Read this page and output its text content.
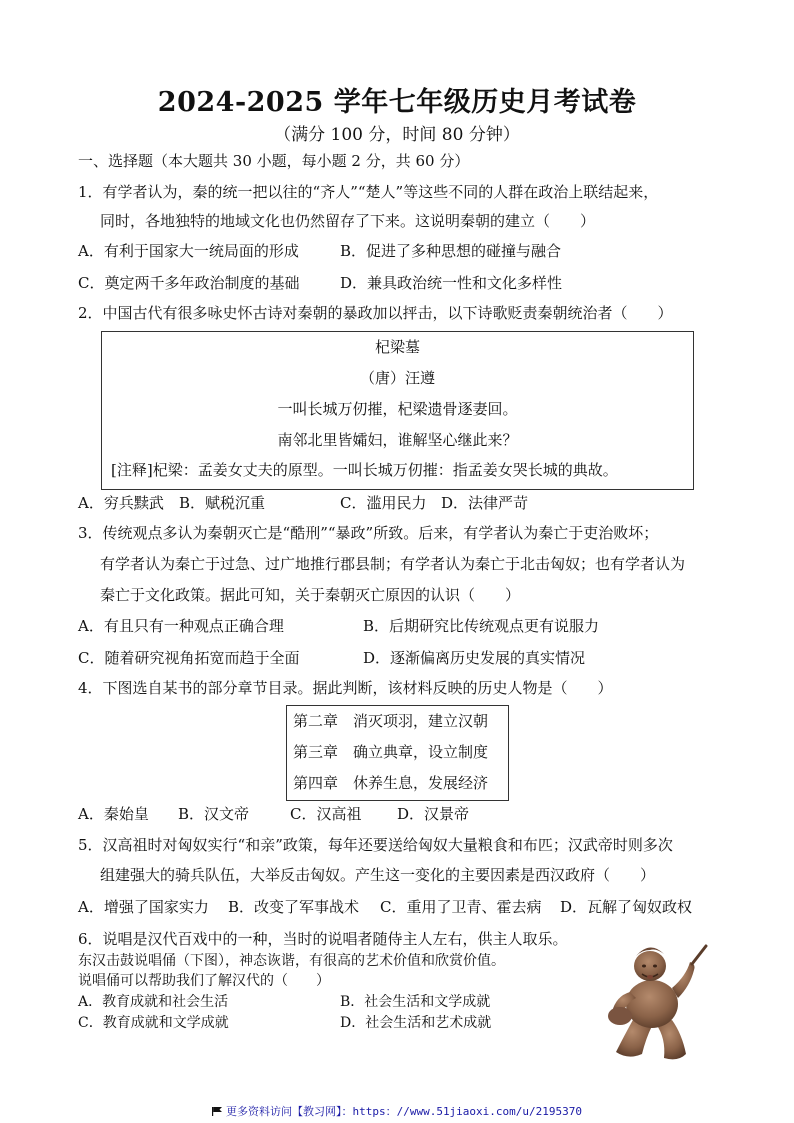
2024-2025 学年七年级历史月考试卷
（满分 100 分，时间 80 分钟）
一、选择题（本大题共 30 小题，每小题 2 分，共 60 分）
1．有学者认为，秦的统一把以往的“齐人”“楚人”等这些不同的人群在政治上联结起来，
同时，各地独特的地域文化也仍然留存了下来。这说明秦朝的建立（　　）
A．有利于国家大一统局面的形成	B．促进了多种思想的碰撞与融合
C．奠定两千多年政治制度的基础	D．兼具政治统一性和文化多样性
2．中国古代有很多咏史怀古诗对秦朝的暴政加以抨击，以下诗歌贬责秦朝统治者（　　）
杞梁墓
（唐）汪遵
一叫长城万仞摧，杞梁遗骨逐妻回。
南邻北里皆孀妇，谁解坚心继此来？
[注释]杞梁：孟姜女丈夫的原型。一叫长城万仞摧：指孟姜女哭长城的典故。
A．穷兵黩武 B．赋税沉重	C．滥用民力 D．法律严苛
3．传统观点多认为秦朝灭亡是“酷刑”“暴政”所致。后来，有学者认为秦亡于吏治败坏；
有学者认为秦亡于过急、过广地推行郡县制；有学者认为秦亡于北击匈奴；也有学者认为
秦亡于文化政策。据此可知，关于秦朝灭亡原因的认识（　　）
A．有且只有一种观点正确合理	B．后期研究比传统观点更有说服力
C．随着研究视角拓宽而趋于全面	D．逐渐偏离历史发展的真实情况
4．下图选自某书的部分章节目录。据此判断，该材料反映的历史人物是（　　）
第二章　消灭项羽，建立汉朝
第三章　确立典章，设立制度
第四章　休养生息，发展经济
A．秦始皇 B．汉文帝	C．汉高祖 D．汉景帝
5．汉高祖时对匈奴实行“和亲”政策，每年还要送给匈奴大量粮食和布匹；汉武帝时则多次
组建强大的骑兵队伍，大举反击匈奴。产生这一变化的主要因素是西汉政府（　　）
A．增强了国家实力 B．改变了军事战术 C．重用了卫青、霍去病 D．瓦解了匈奴政权
6．说唱是汉代百戏中的一种，当时的说唱者随侍主人左右，供主人取乐。
东汉击鼓说唱俑（下图），神态诙谐，有很高的艺术价值和欣赏价值。
说唱俑可以帮助我们了解汉代的（　　）
A．教育成就和社会生活	B．社会生活和文学成就
C．教育成就和文学成就	D．社会生活和艺术成就
更多资料访问【教习网】：https：//www.51jiaoxi.com/u/2195370
